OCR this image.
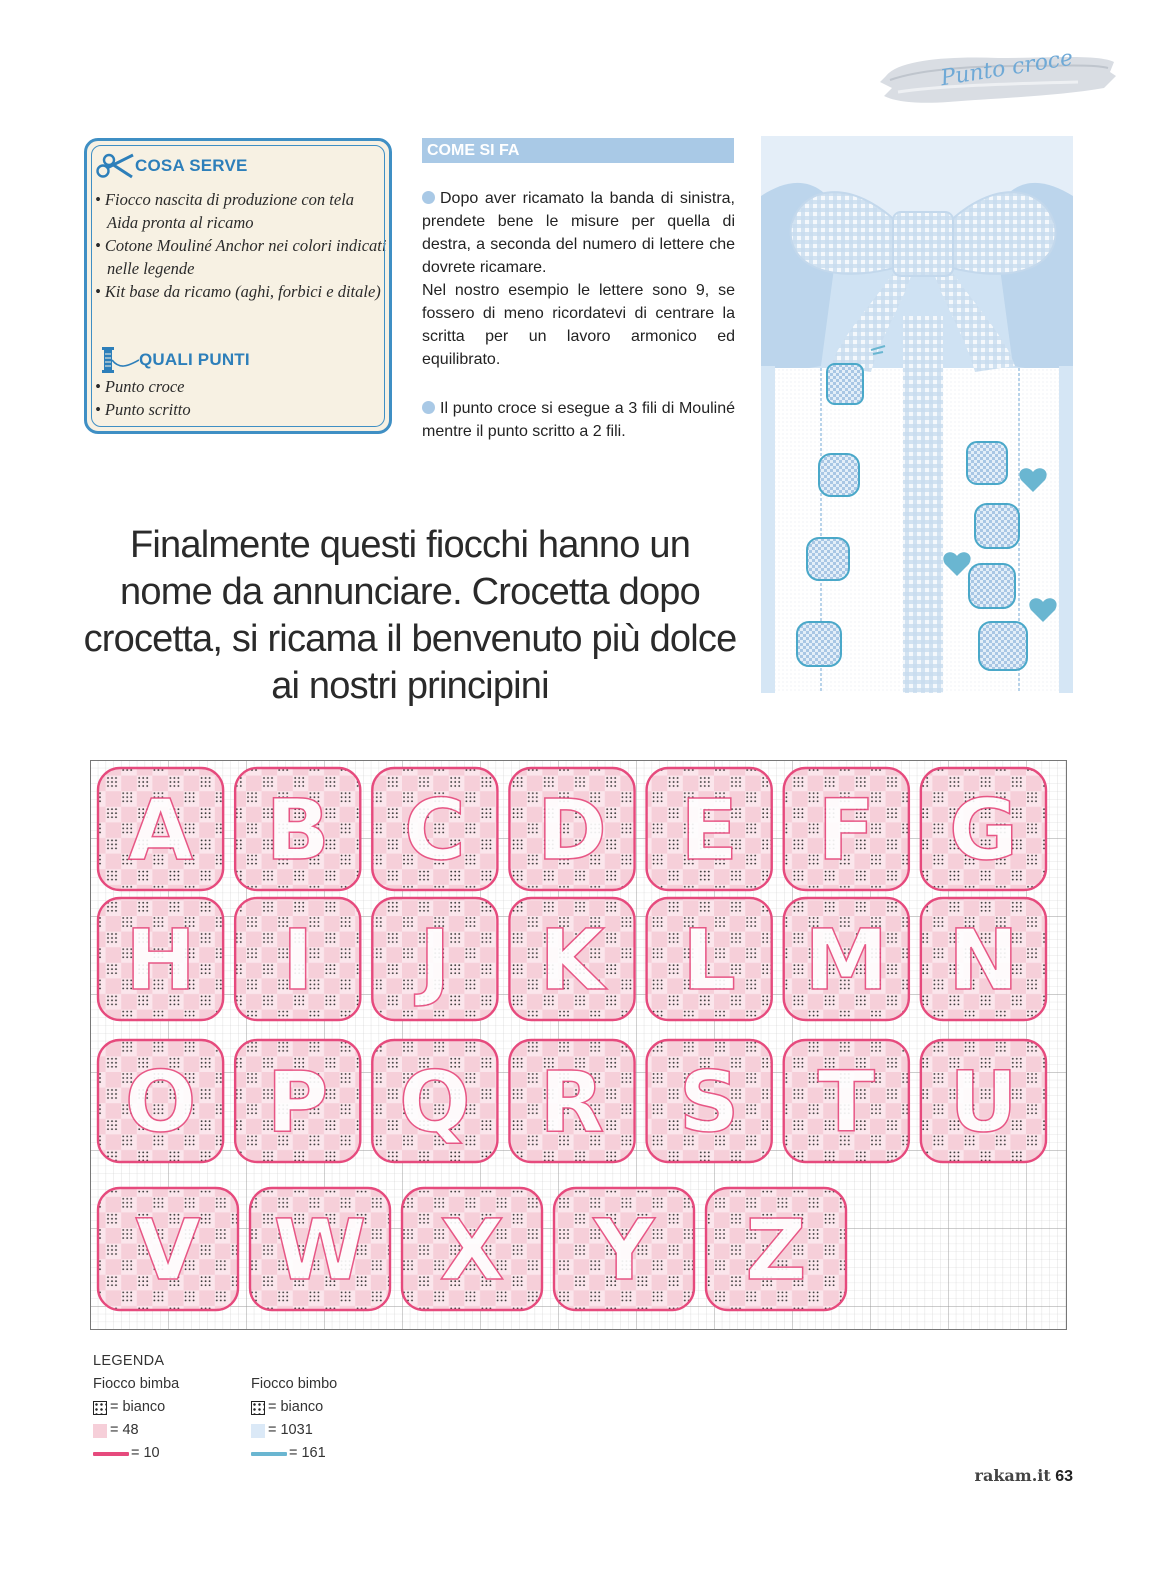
Punto croce
COSA SERVE
• Fiocco nascita di produzione con tela Aida pronta al ricamo
• Cotone Mouliné Anchor nei colori indicati nelle legende
• Kit base da ricamo (aghi, forbici e ditale)
QUALI PUNTI
• Punto croce
• Punto scritto
COME SI FA

Dopo aver ricamato la banda di sinistra, prendete bene le misure per quella di destra, a seconda del numero di lettere che dovrete ricamare.

Nel nostro esempio le lettere sono 9, se fossero di meno ricordatevi di centrare la scritta per un lavoro armonico ed equilibrato.

Il punto croce si esegue a 3 fili di Mouliné mentre il punto scritto a 2 fili.

Finalmente questi fiocchi hanno un nome da annunciare. Crocetta dopo crocetta, si ricama il benvenuto più dolce ai nostri principini
A B C D E F G
H I J K L M N
O P Q R S T U
V W X Y Z
LEGENDA
Fiocco bimba
= bianco
= 48
= 10
Fiocco bimbo
= bianco
= 1031
= 161
rakam.it 63
